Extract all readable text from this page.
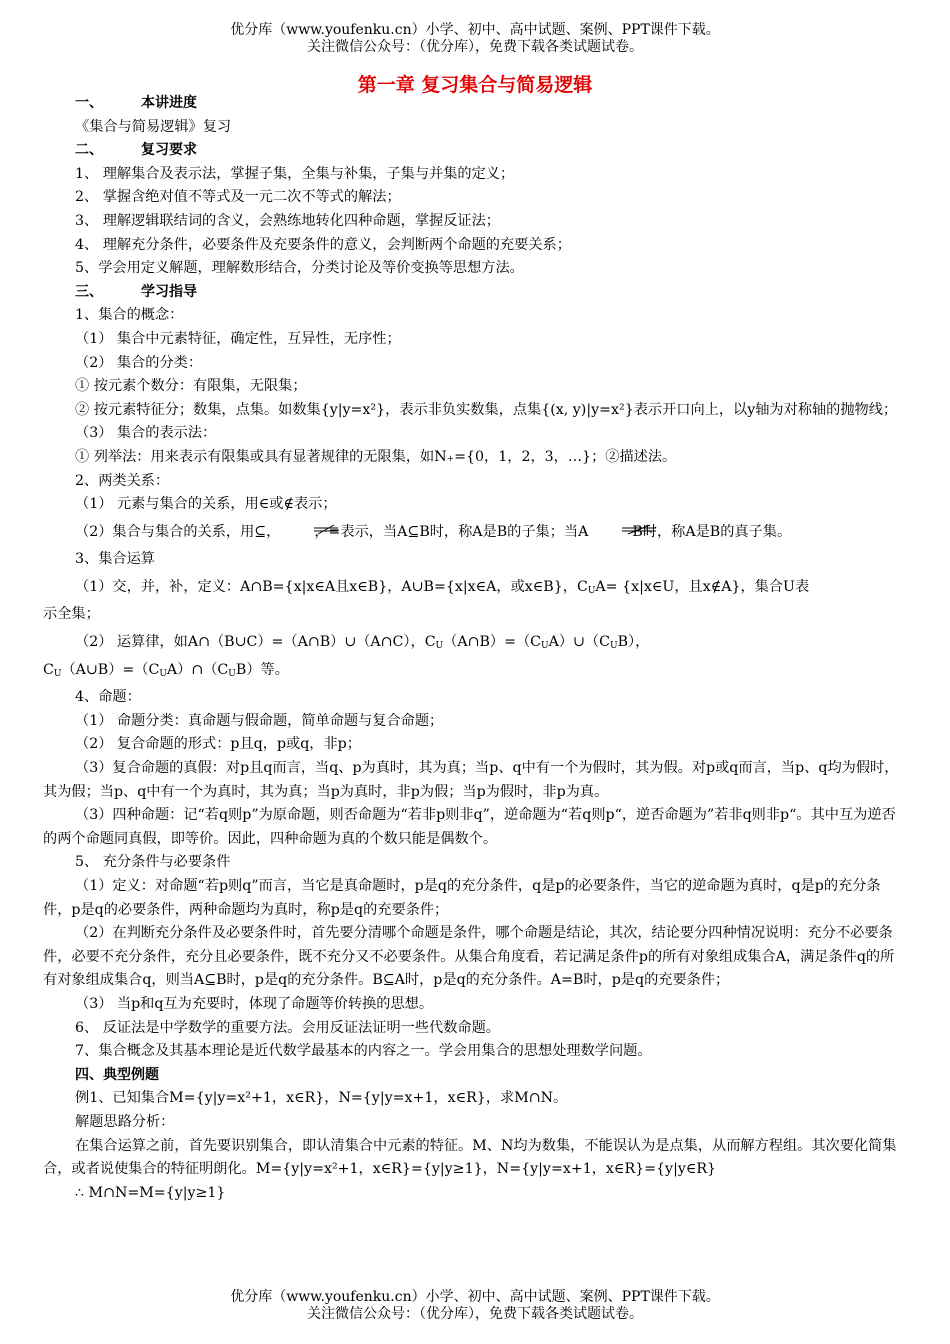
优分库（www.youfenku.cn）小学、初中、高中试题、案例、PPT课件下载。
关注微信公众号：（优分库），免费下载各类试题试卷。
第一章 复习集合与简易逻辑
一、	本讲进度
《集合与简易逻辑》复习
二、	复习要求
1、 理解集合及表示法，掌握子集，全集与补集，子集与并集的定义；
2、 掌握含绝对值不等式及一元二次不等式的解法；
3、 理解逻辑联结词的含义，会熟练地转化四种命题，掌握反证法；
4、 理解充分条件，必要条件及充要条件的意义，会判断两个命题的充要关系；
5、学会用定义解题，理解数形结合，分类讨论及等价变换等思想方法。
三、	学习指导
1、集合的概念：
（1） 集合中元素特征，确定性，互异性，无序性；
（2） 集合的分类：
① 按元素个数分：有限集，无限集；
② 按元素特征分；数集，点集。如数集{y|y=x²}，表示非负实数集，点集{(x, y)|y=x²}表示开口向上，以y轴为对称轴的抛物线；
（3） 集合的表示法：
① 列举法：用来表示有限集或具有显著规律的无限集，如N₊={0，1，2，3，…}；②描述法。
2、两类关系：
（1） 元素与集合的关系，用∈或∉表示；
（2）集合与集合的关系，用⊆， ，=表示，当A⊆B时，称A是B的子集；当A	B时，称A是B的真子集。
3、集合运算
（1）交，并，补，定义：A∩B={x|x∈A且x∈B}，A∪B={x|x∈A，或x∈B}，$C_UA=$ {x|x∈U，且x∉A}，集合U表
示全集；
（2） 运算律，如A∩（B∪C）=（A∩B）∪（A∩C），$C_U(A\cap B)=(C_UA)\cup(C_UB)$，
$C_U(A\cup B)=(C_UA)\cap(C_UB)$等。
4、命题：
（1） 命题分类：真命题与假命题，简单命题与复合命题；
（2） 复合命题的形式：p且q，p或q，非p；
（3）复合命题的真假：对p且q而言，当q、p为真时，其为真；当p、q中有一个为假时，其为假。对p或q而言，当p、q均为假时，其为假；当p、q中有一个为真时，其为真；当p为真时，非p为假；当p为假时，非p为真。
（3）四种命题：记“若q则p”为原命题，则否命题为“若非p则非q”，逆命题为“若q则p“，逆否命题为”若非q则非p“。其中互为逆否的两个命题同真假，即等价。因此，四种命题为真的个数只能是偶数个。
5、 充分条件与必要条件
（1）定义：对命题“若p则q”而言，当它是真命题时，p是q的充分条件，q是p的必要条件，当它的逆命题为真时，q是p的充分条件，p是q的必要条件，两种命题均为真时，称p是q的充要条件；
（2）在判断充分条件及必要条件时，首先要分清哪个命题是条件，哪个命题是结论，其次，结论要分四种情况说明：充分不必要条件，必要不充分条件，充分且必要条件，既不充分又不必要条件。从集合角度看，若记满足条件p的所有对象组成集合A，满足条件q的所有对象组成集合q，则当A⊆B时，p是q的充分条件。B⊆A时，p是q的充分条件。A=B时，p是q的充要条件；
（3） 当p和q互为充要时，体现了命题等价转换的思想。
6、 反证法是中学数学的重要方法。会用反证法证明一些代数命题。
7、集合概念及其基本理论是近代数学最基本的内容之一。学会用集合的思想处理数学问题。
四、典型例题
例1、已知集合M={y|y=x²+1，x∈R}，N={y|y=x+1，x∈R}，求M∩N。
解题思路分析：
在集合运算之前，首先要识别集合，即认清集合中元素的特征。M、N均为数集，不能误认为是点集，从而解方程组。其次要化简集合，或者说使集合的特征明朗化。M={y|y=x²+1，x∈R}={y|y≥1}，N={y|y=x+1，x∈R}={y|y∈R}
∴ M∩N=M={y|y≥1}
优分库（www.youfenku.cn）小学、初中、高中试题、案例、PPT课件下载。
关注微信公众号：（优分库），免费下载各类试题试卷。
